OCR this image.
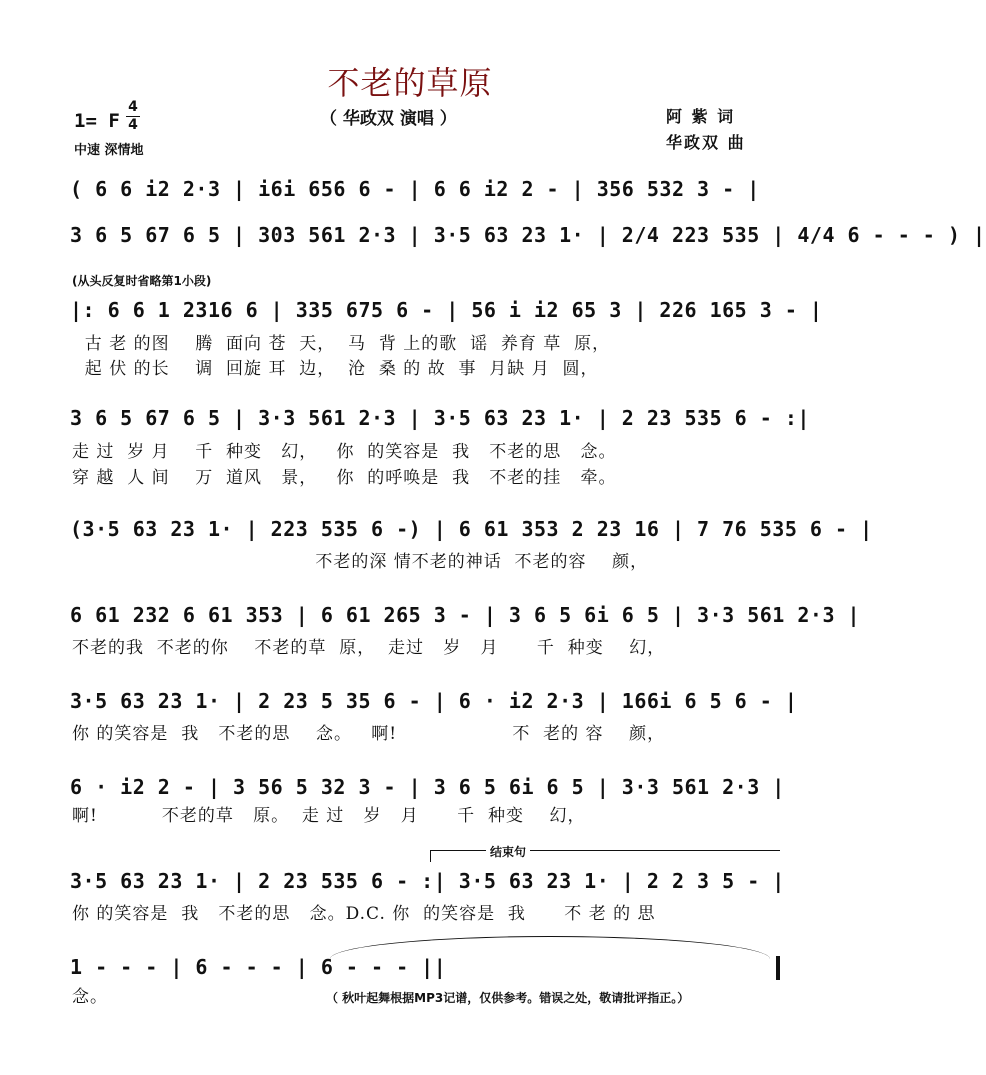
不老的草原
（ 华政双 演唱 ）
1= F
4
4
中速 深情地
阿 紫 词
华政双 曲
( 6 6 i2 2·3 | i6i 656 6 - | 6 6 i2 2 - | 356 532 3 - |
3 6 5 67 6 5 | 303 561 2·3 | 3·5 63 23 1· | 2/4 223 535 | 4/4 6 - - - ) |
(从头反复时省略第1小段)
|: 6 6 1 2316 6 | 335 675 6 - | 56 i i2 65 3 | 226 165 3 - |
古 老 的图    腾  面向 苍  天，  马  背 上的歌  谣  养育 草  原，
起 伏 的长    调  回旋 耳  边，  沧  桑 的 故  事  月缺 月  圆，
3 6 5 67 6 5 | 3·3 561 2·3 | 3·5 63 23 1· | 2 23 535 6 - :|
走 过  岁 月    千  种变   幻，   你  的笑容是  我   不老的思   念。
穿 越  人 间    万  道风   景，   你  的呼唤是  我   不老的挂   牵。
(3·5 63 23 1· | 223 535 6 -) | 6 61 353 2 23 16 | 7 76 535 6 - |
不老的深 情不老的神话  不老的容    颜，
6 61 232 6 61 353 | 6 61 265 3 - | 3 6 5 6i 6 5 | 3·3 561 2·3 |
不老的我  不老的你    不老的草  原，  走过   岁   月      千  种变    幻，
3·5 63 23 1· | 2 23 5 35 6 - | 6 · i2 2·3 | 166i 6 5 6 - |
你 的笑容是  我   不老的思    念。   啊!                  不  老的 容    颜，
6 · i2 2 - | 3 56 5 32 3 - | 3 6 5 6i 6 5 | 3·3 561 2·3 |
啊!          不老的草   原。  走 过   岁   月      千  种变    幻，
结束句
3·5 63 23 1· | 2 23 535 6 - :| 3·5 63 23 1· | 2 2 3 5 - |
你 的笑容是  我   不老的思   念。D.C. 你  的笑容是  我      不 老 的 思
1 - - - | 6 - - - | 6 - - - ||
念。	（ 秋叶起舞根据MP3记谱，仅供参考。错误之处，敬请批评指正。）
